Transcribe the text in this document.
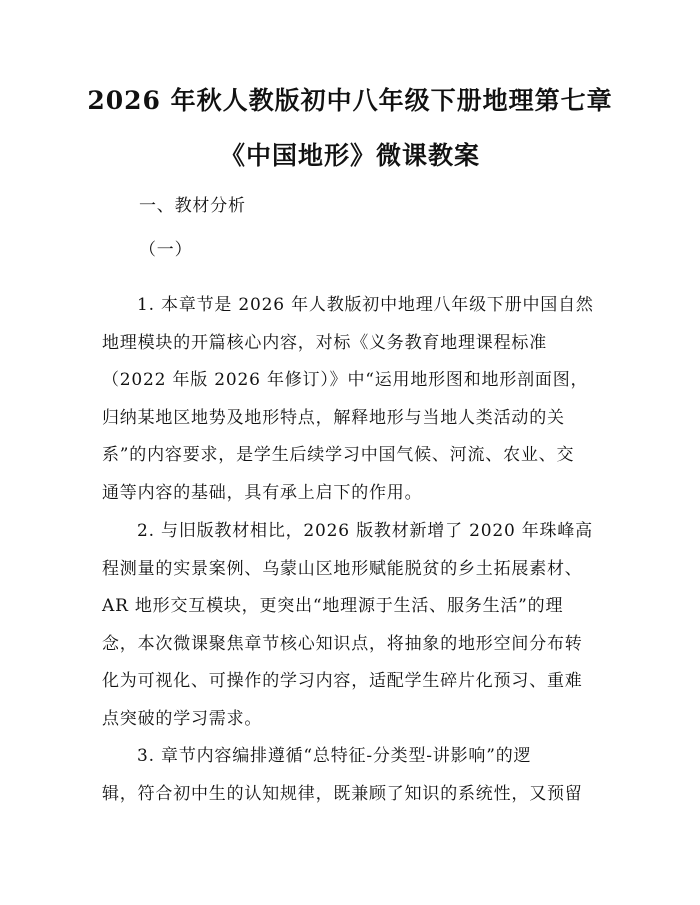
2026 年秋人教版初中八年级下册地理第七章
《中国地形》微课教案
一、教材分析
（一）
1. 本章节是 2026 年人教版初中地理八年级下册中国自然
地理模块的开篇核心内容，对标《义务教育地理课程标准
（2022 年版 2026 年修订）》中“运用地形图和地形剖面图，
归纳某地区地势及地形特点，解释地形与当地人类活动的关
系”的内容要求，是学生后续学习中国气候、河流、农业、交
通等内容的基础，具有承上启下的作用。
2. 与旧版教材相比，2026 版教材新增了 2020 年珠峰高
程测量的实景案例、乌蒙山区地形赋能脱贫的乡土拓展素材、
AR 地形交互模块，更突出“地理源于生活、服务生活”的理
念，本次微课聚焦章节核心知识点，将抽象的地形空间分布转
化为可视化、可操作的学习内容，适配学生碎片化预习、重难
点突破的学习需求。
3. 章节内容编排遵循“总特征-分类型-讲影响”的逻
辑，符合初中生的认知规律，既兼顾了知识的系统性，又预留
